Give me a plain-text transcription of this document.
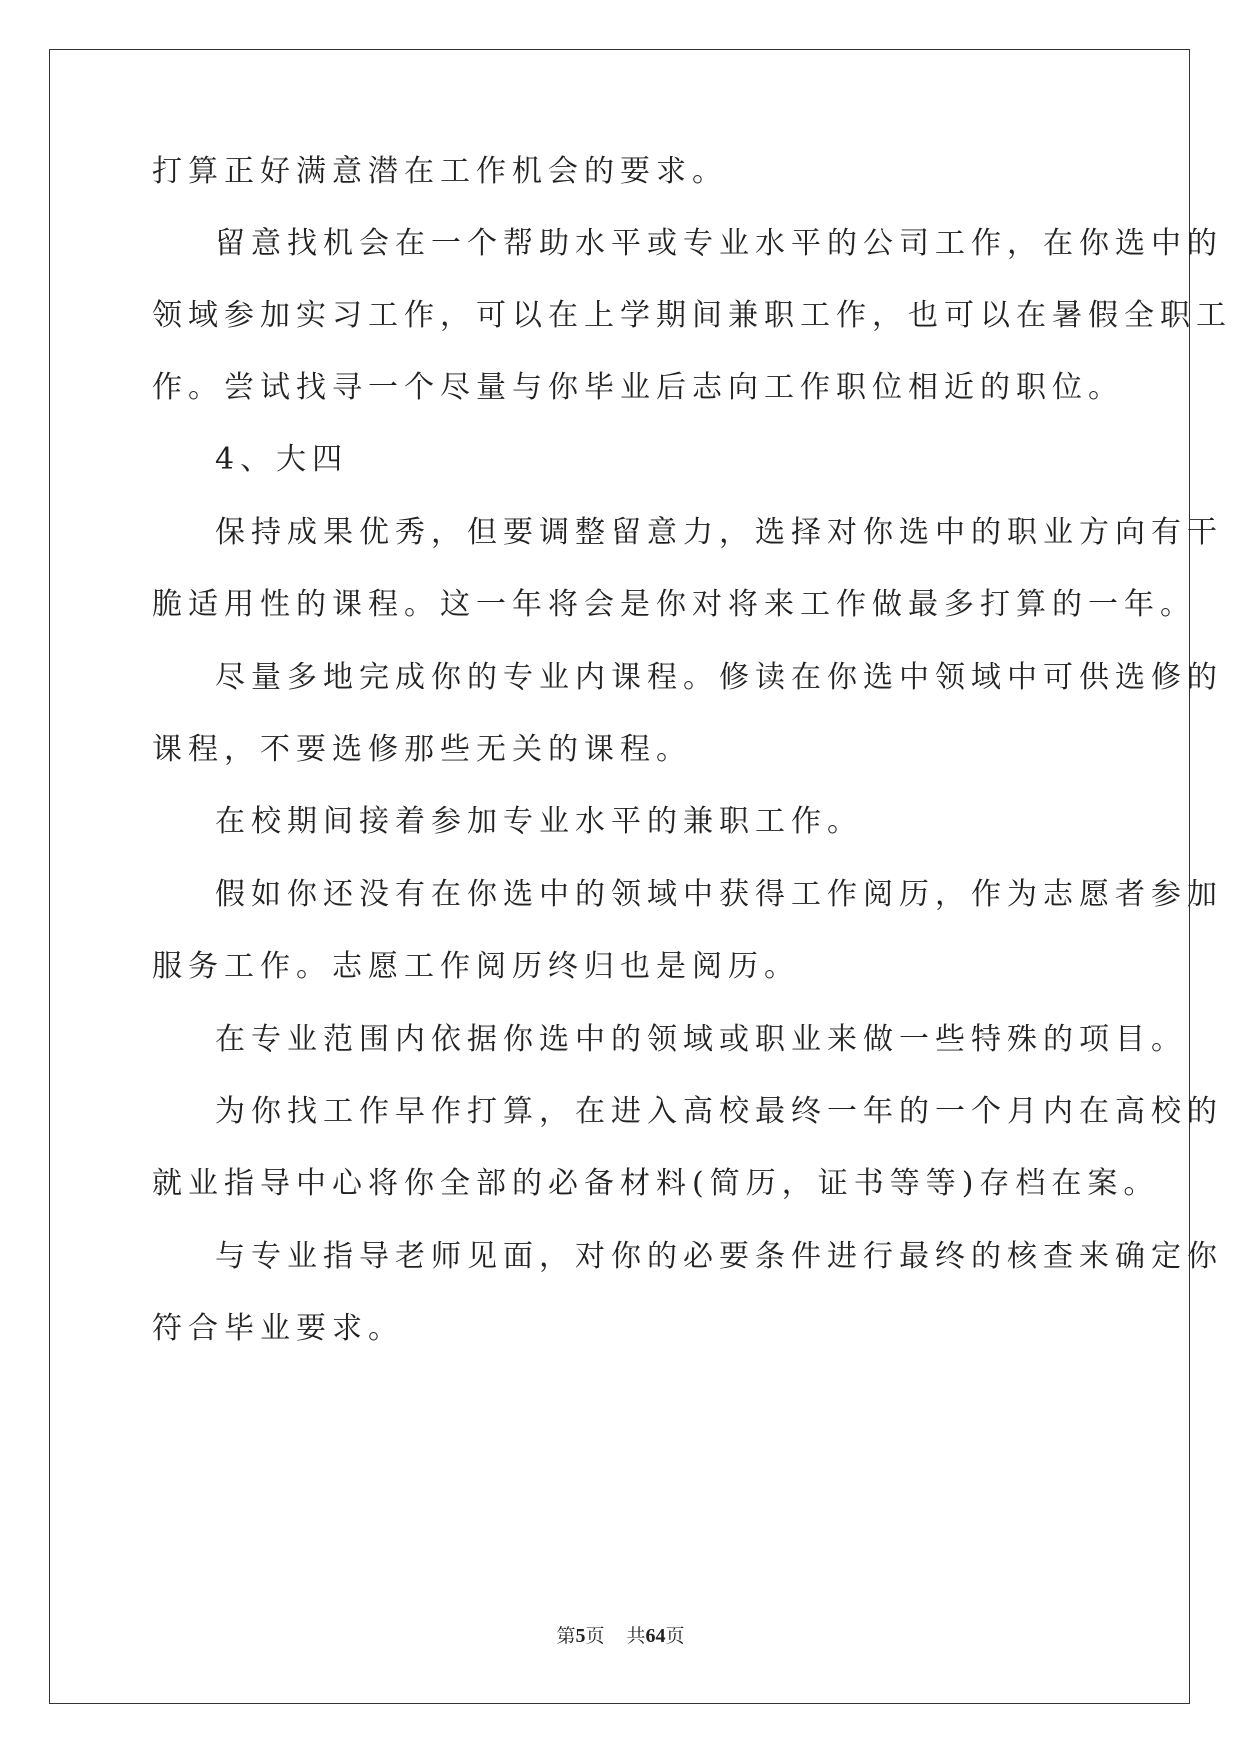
打算正好满意潜在工作机会的要求。
留意找机会在一个帮助水平或专业水平的公司工作，在你选中的
领域参加实习工作，可以在上学期间兼职工作，也可以在暑假全职工
作。尝试找寻一个尽量与你毕业后志向工作职位相近的职位。
4、大四
保持成果优秀，但要调整留意力，选择对你选中的职业方向有干
脆适用性的课程。这一年将会是你对将来工作做最多打算的一年。
尽量多地完成你的专业内课程。修读在你选中领域中可供选修的
课程，不要选修那些无关的课程。
在校期间接着参加专业水平的兼职工作。
假如你还没有在你选中的领域中获得工作阅历，作为志愿者参加
服务工作。志愿工作阅历终归也是阅历。
在专业范围内依据你选中的领域或职业来做一些特殊的项目。
为你找工作早作打算，在进入高校最终一年的一个月内在高校的
就业指导中心将你全部的必备材料(简历，证书等等)存档在案。
与专业指导老师见面，对你的必要条件进行最终的核查来确定你
符合毕业要求。
第5页 共64页
